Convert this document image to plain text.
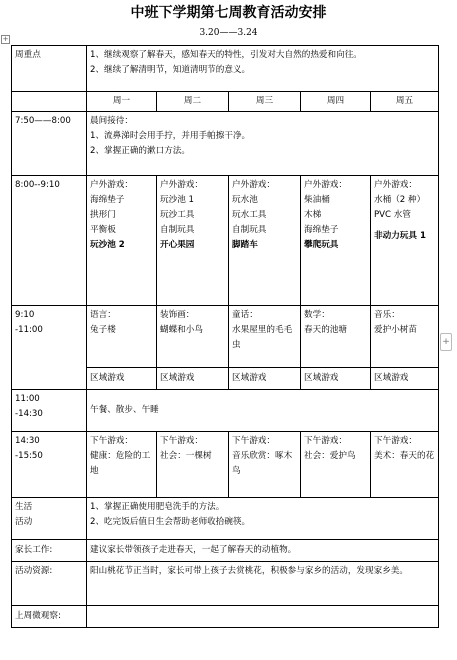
中班下学期第七周教育活动安排
3.20——3.24
+
周重点	1、继续观察了解春天，感知春天的特性，引发对大自然的热爱和向往。
2、继续了解清明节，知道清明节的意义。				

	周一	周二	周三	周四	周五
7:50——8:00	晨间接待：
1、流鼻涕时会用手拧，并用手帕擦干净。
2、掌握正确的漱口方法。				

8:00--9:10	户外游戏：
海绵垫子
拱形门
平衡板
玩沙池 2	户外游戏：
玩沙池 1
玩沙工具
自制玩具
开心果园	户外游戏：
玩水池
玩水工具
自制玩具
脚踏车	户外游戏：
柴油桶
木梯
海绵垫子
攀爬玩具	户外游戏：
水桶（2 种）
PVC 水管
非动力玩具 1

9:10
-11:00	语言：
兔子楼	装饰画：
蝴蝶和小鸟	童话：
水果屋里的毛毛虫	数学：
春天的池塘	音乐：
爱护小树苗

	区域游戏	区域游戏	区域游戏	区域游戏	区域游戏

11:00
-14:30	午餐、散步、午睡				

14:30
-15:50	下午游戏：
健康：危险的工地	下午游戏：
社会：一棵树	下午游戏：
音乐欣赏：啄木鸟	下午游戏：
社会：爱护鸟	下午游戏：
美术：春天的花

生活
活动	1、掌握正确使用肥皂洗手的方法。
2、吃完饭后值日生会帮助老师收拾碗筷。				

家长工作:	建议家长带领孩子走进春天，一起了解春天的动植物。				
活动资源:	阳山桃花节正当时，家长可带上孩子去赏桃花，积极参与家乡的活动，发现家乡美。				

上周微观察:					
+
